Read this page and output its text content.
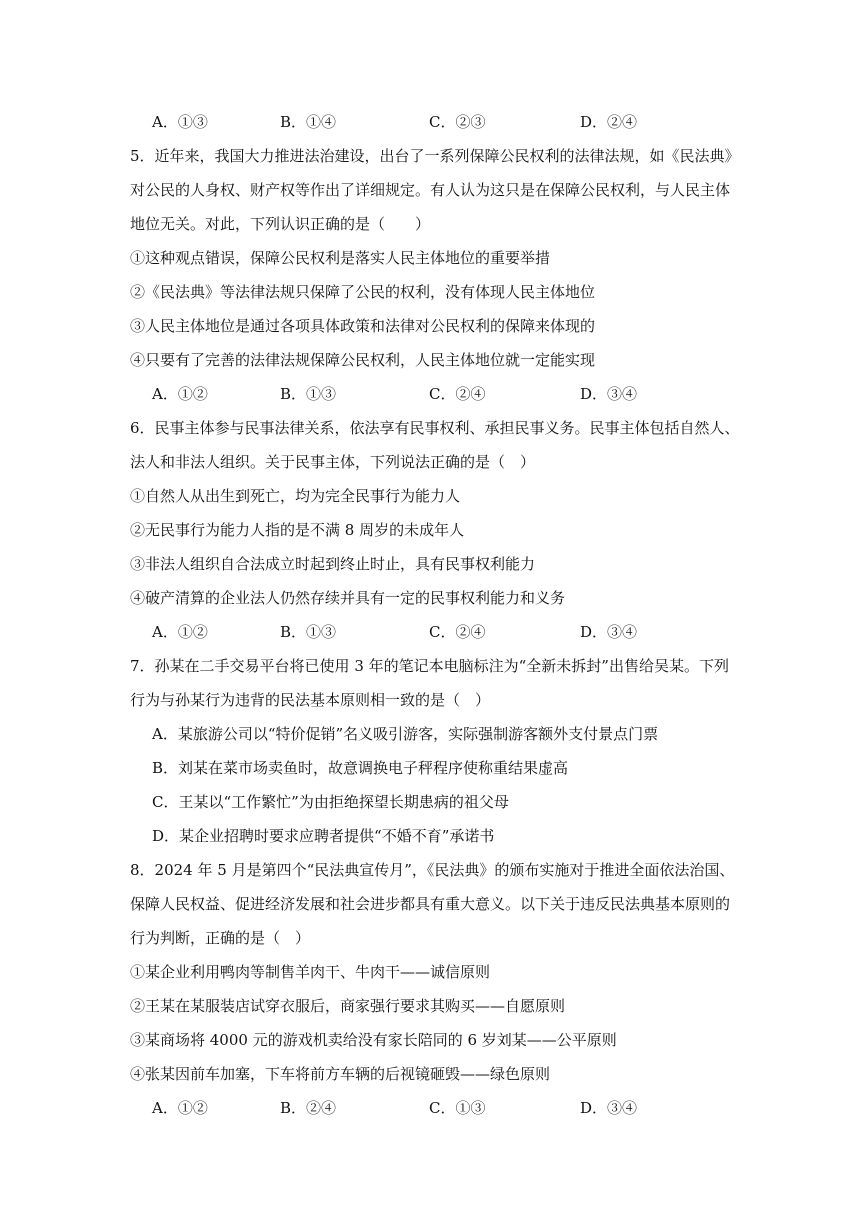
A．①③	B．①④	C．②③	D．②④
5．近年来，我国大力推进法治建设，出台了一系列保障公民权利的法律法规，如《民法典》
对公民的人身权、财产权等作出了详细规定。有人认为这只是在保障公民权利，与人民主体
地位无关。对此，下列认识正确的是（　　）
①这种观点错误，保障公民权利是落实人民主体地位的重要举措
②《民法典》等法律法规只保障了公民的权利，没有体现人民主体地位
③人民主体地位是通过各项具体政策和法律对公民权利的保障来体现的
④只要有了完善的法律法规保障公民权利，人民主体地位就一定能实现
A．①②	B．①③	C．②④	D．③④
6．民事主体参与民事法律关系，依法享有民事权利、承担民事义务。民事主体包括自然人、
法人和非法人组织。关于民事主体，下列说法正确的是（　）
①自然人从出生到死亡，均为完全民事行为能力人
②无民事行为能力人指的是不满 8 周岁的未成年人
③非法人组织自合法成立时起到终止时止，具有民事权利能力
④破产清算的企业法人仍然存续并具有一定的民事权利能力和义务
A．①②	B．①③	C．②④	D．③④
7．孙某在二手交易平台将已使用 3 年的笔记本电脑标注为“全新未拆封”出售给吴某。下列
行为与孙某行为违背的民法基本原则相一致的是（　）
A．某旅游公司以“特价促销”名义吸引游客，实际强制游客额外支付景点门票
B．刘某在菜市场卖鱼时，故意调换电子秤程序使称重结果虚高
C．王某以“工作繁忙”为由拒绝探望长期患病的祖父母
D．某企业招聘时要求应聘者提供“不婚不育”承诺书
8．2024 年 5 月是第四个“民法典宣传月”，《民法典》的颁布实施对于推进全面依法治国、
保障人民权益、促进经济发展和社会进步都具有重大意义。以下关于违反民法典基本原则的
行为判断，正确的是（　）
①某企业利用鸭肉等制售羊肉干、牛肉干——诚信原则
②王某在某服装店试穿衣服后，商家强行要求其购买——自愿原则
③某商场将 4000 元的游戏机卖给没有家长陪同的 6 岁刘某——公平原则
④张某因前车加塞，下车将前方车辆的后视镜砸毁——绿色原则
A．①②	B．②④	C．①③	D．③④
